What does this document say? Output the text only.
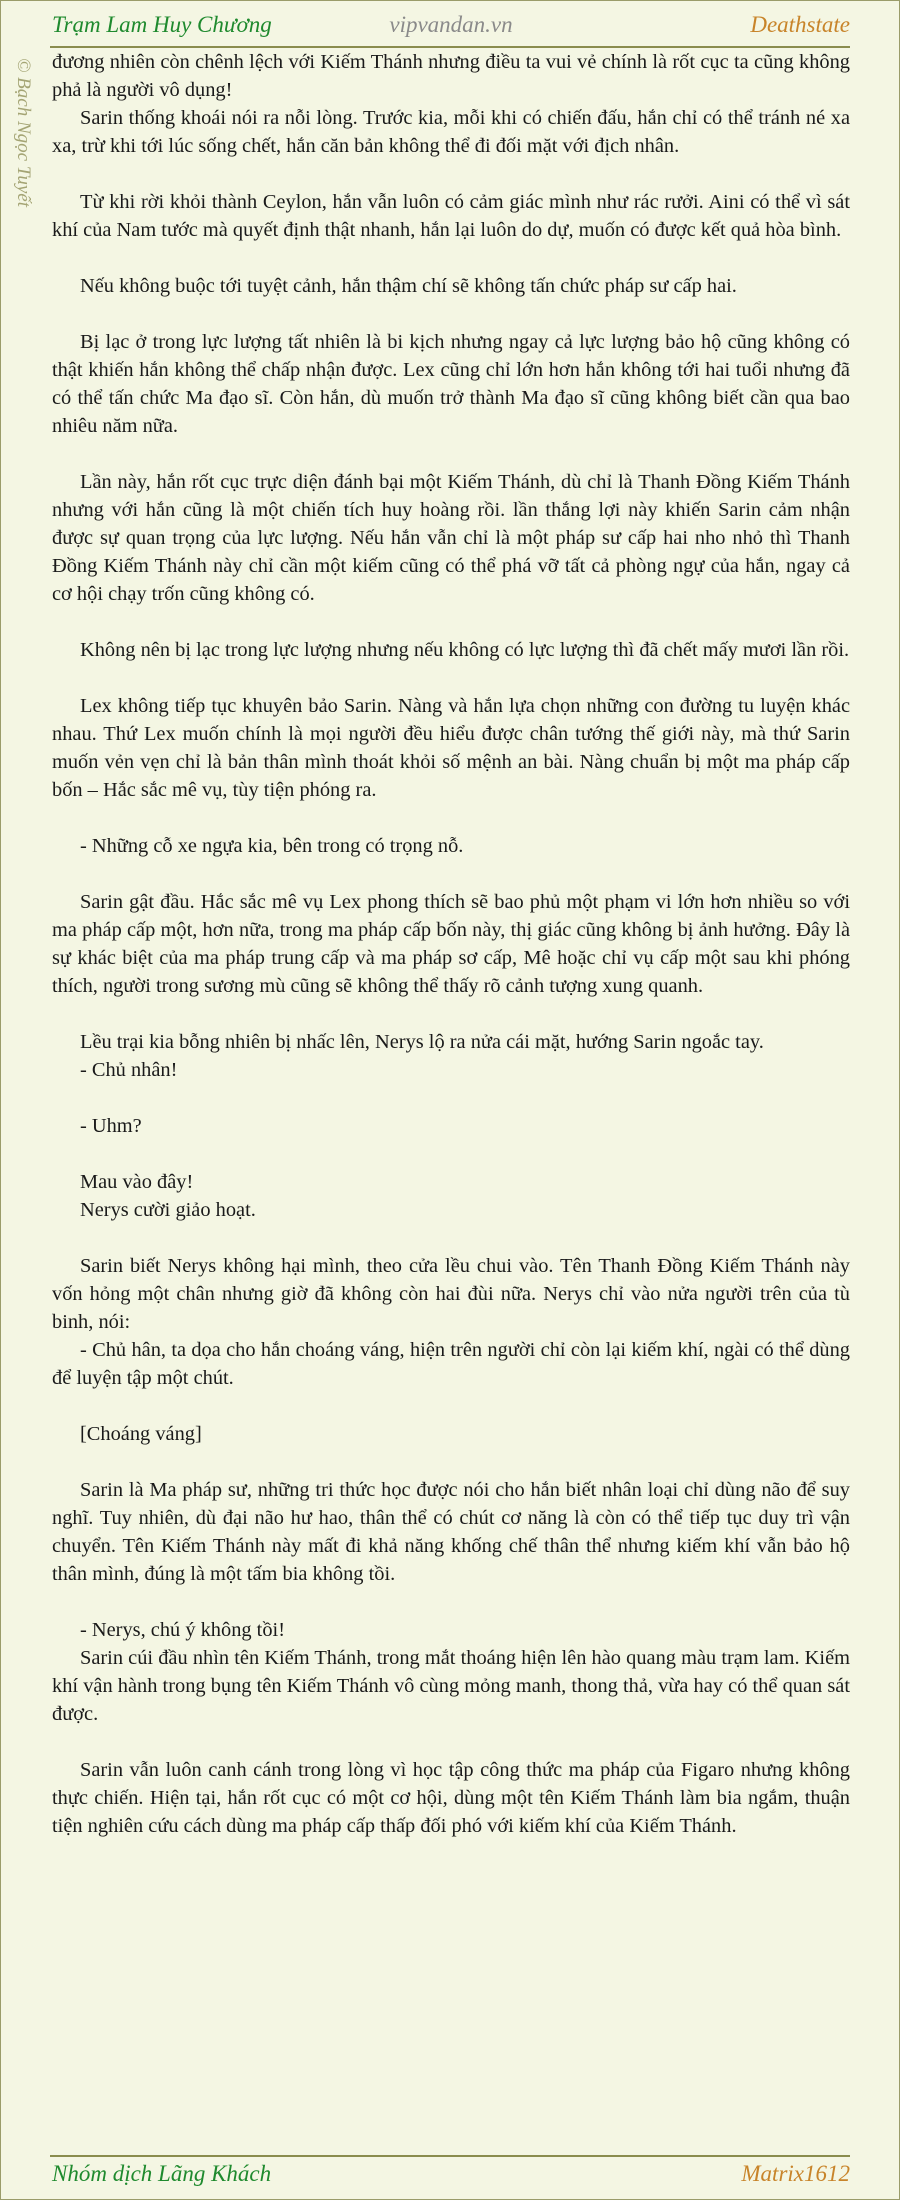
Trạm Lam Huy Chương	vipvandan.vn	Deathstate
© Bạch Ngọc Tuyết đương nhiên còn chênh lệch với Kiếm Thánh nhưng điều ta vui vẻ chính là rốt cục ta cũng không phả là người vô dụng!

Sarin thống khoái nói ra nỗi lòng. Trước kia, mỗi khi có chiến đấu, hắn chỉ có thể tránh né xa xa, trừ khi tới lúc sống chết, hắn căn bản không thể đi đối mặt với địch nhân.

Từ khi rời khỏi thành Ceylon, hắn vẫn luôn có cảm giác mình như rác rưởi. Aini có thể vì sát khí của Nam tước mà quyết định thật nhanh, hắn lại luôn do dự, muốn có được kết quả hòa bình.

Nếu không buộc tới tuyệt cảnh, hắn thậm chí sẽ không tấn chức pháp sư cấp hai.

Bị lạc ở trong lực lượng tất nhiên là bi kịch nhưng ngay cả lực lượng bảo hộ cũng không có thật khiến hắn không thể chấp nhận được. Lex cũng chỉ lớn hơn hắn không tới hai tuổi nhưng đã có thể tấn chức Ma đạo sĩ. Còn hắn, dù muốn trở thành Ma đạo sĩ cũng không biết cần qua bao nhiêu năm nữa.

Lần này, hắn rốt cục trực diện đánh bại một Kiếm Thánh, dù chỉ là Thanh Đồng Kiếm Thánh nhưng với hắn cũng là một chiến tích huy hoàng rồi. lần thắng lợi này khiến Sarin cảm nhận được sự quan trọng của lực lượng. Nếu hắn vẫn chỉ là một pháp sư cấp hai nho nhỏ thì Thanh Đồng Kiếm Thánh này chỉ cần một kiếm cũng có thể phá vỡ tất cả phòng ngự của hắn, ngay cả cơ hội chạy trốn cũng không có.

Không nên bị lạc trong lực lượng nhưng nếu không có lực lượng thì đã chết mấy mươi lần rồi.

Lex không tiếp tục khuyên bảo Sarin. Nàng và hắn lựa chọn những con đường tu luyện khác nhau. Thứ Lex muốn chính là mọi người đều hiểu được chân tướng thế giới này, mà thứ Sarin muốn vẻn vẹn chỉ là bản thân mình thoát khỏi số mệnh an bài. Nàng chuẩn bị một ma pháp cấp bốn – Hắc sắc mê vụ, tùy tiện phóng ra.

- Những cỗ xe ngựa kia, bên trong có trọng nỗ.

Sarin gật đầu. Hắc sắc mê vụ Lex phong thích sẽ bao phủ một phạm vi lớn hơn nhiều so với ma pháp cấp một, hơn nữa, trong ma pháp cấp bốn này, thị giác cũng không bị ảnh hưởng. Đây là sự khác biệt của ma pháp trung cấp và ma pháp sơ cấp, Mê hoặc chỉ vụ cấp một sau khi phóng thích, người trong sương mù cũng sẽ không thể thấy rõ cảnh tượng xung quanh.

Lều trại kia bỗng nhiên bị nhấc lên, Nerys lộ ra nửa cái mặt, hướng Sarin ngoắc tay.

- Chủ nhân!

- Uhm?

Mau vào đây!

Nerys cười giảo hoạt.

Sarin biết Nerys không hại mình, theo cửa lều chui vào. Tên Thanh Đồng Kiếm Thánh này vốn hỏng một chân nhưng giờ đã không còn hai đùi nữa. Nerys chỉ vào nửa người trên của tù binh, nói:

- Chủ hân, ta dọa cho hắn choáng váng, hiện trên người chỉ còn lại kiếm khí, ngài có thể dùng để luyện tập một chút.

[Choáng váng]

Sarin là Ma pháp sư, những tri thức học được nói cho hắn biết nhân loại chỉ dùng não để suy nghĩ. Tuy nhiên, dù đại não hư hao, thân thể có chút cơ năng là còn có thể tiếp tục duy trì vận chuyển. Tên Kiếm Thánh này mất đi khả năng khống chế thân thể nhưng kiếm khí vẫn bảo hộ thân mình, đúng là một tấm bia không tồi.

- Nerys, chú ý không tồi!

Sarin cúi đầu nhìn tên Kiếm Thánh, trong mắt thoáng hiện lên hào quang màu trạm lam. Kiếm khí vận hành trong bụng tên Kiếm Thánh vô cùng mỏng manh, thong thả, vừa hay có thể quan sát được.

Sarin vẫn luôn canh cánh trong lòng vì học tập công thức ma pháp của Figaro nhưng không thực chiến. Hiện tại, hắn rốt cục có một cơ hội, dùng một tên Kiếm Thánh làm bia ngắm, thuận tiện nghiên cứu cách dùng ma pháp cấp thấp đối phó với kiếm khí của Kiếm Thánh.

Nhóm dịch Lãng Khách	Matrix1612
